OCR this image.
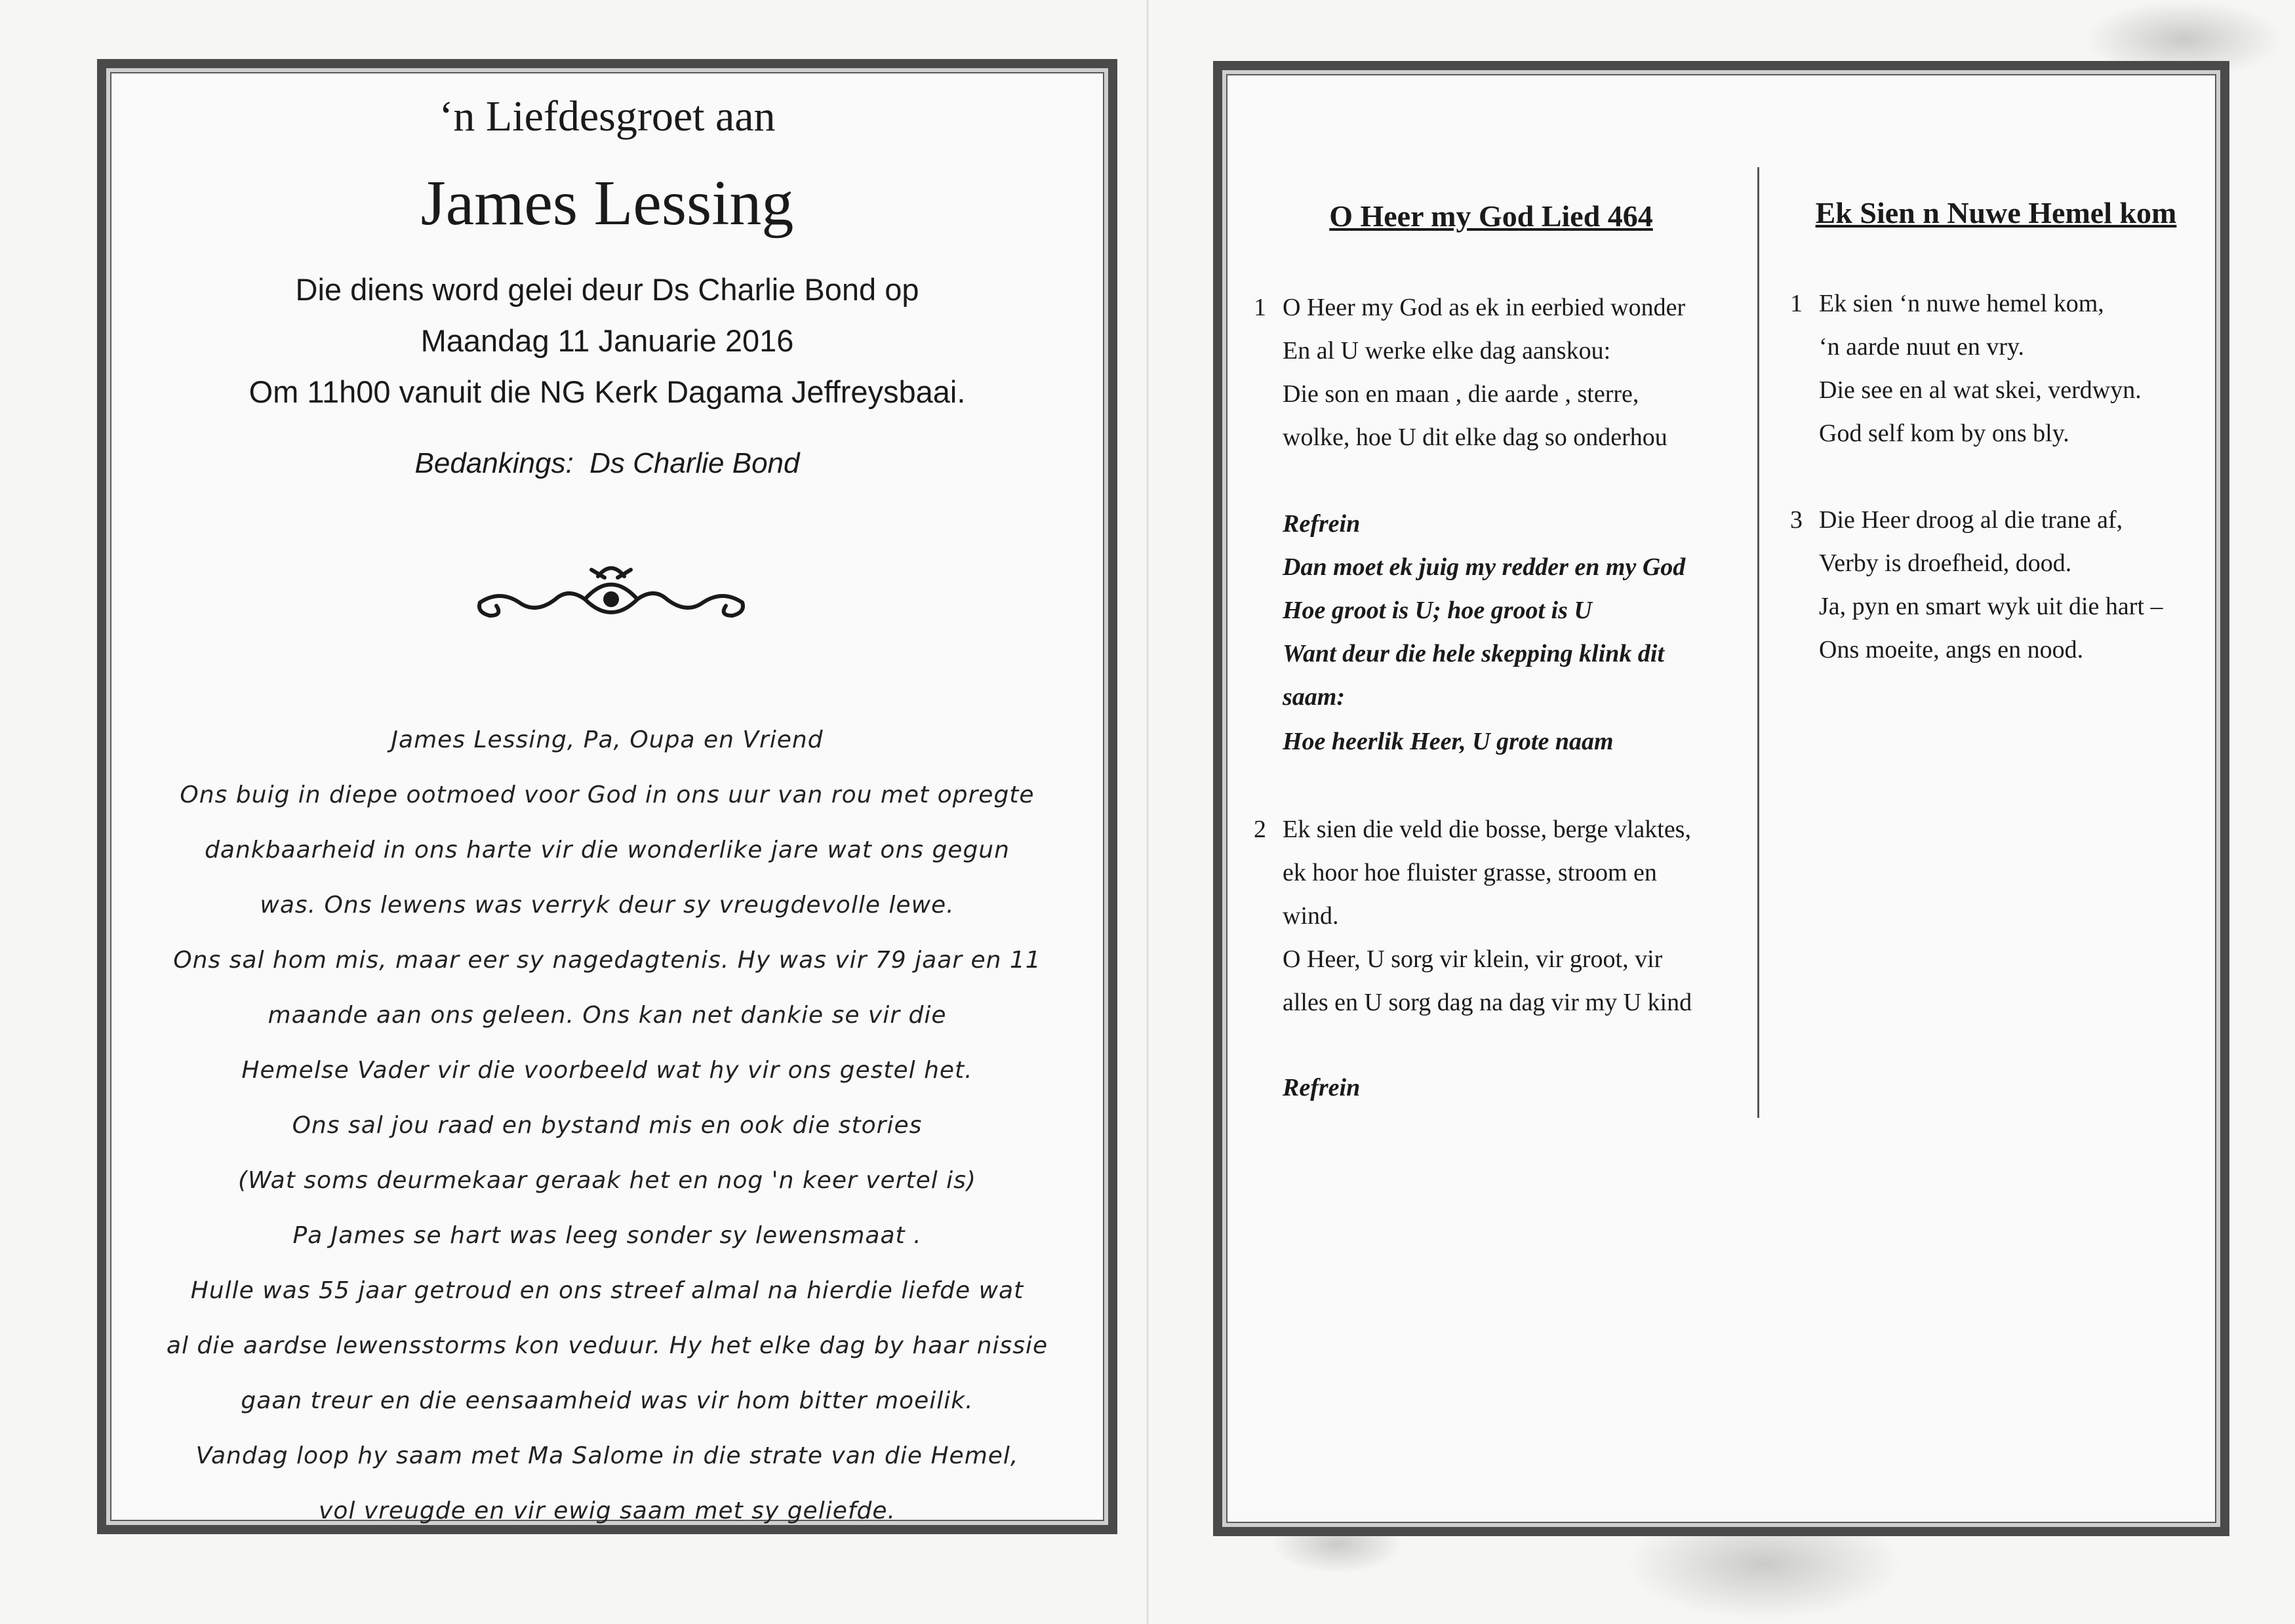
‘n Liefdesgroet aan
James Lessing
Die diens word gelei deur Ds Charlie Bond op
Maandag 11 Januarie 2016
Om 11h00 vanuit die NG Kerk Dagama Jeffreysbaai.
Bedankings: Ds Charlie Bond
James Lessing, Pa, Oupa en Vriend
Ons buig in diepe ootmoed voor God in ons uur van rou met opregte
dankbaarheid in ons harte vir die wonderlike jare wat ons gegun
was. Ons lewens was verryk deur sy vreugdevolle lewe.
Ons sal hom mis, maar eer sy nagedagtenis. Hy was vir 79 jaar en 11
maande aan ons geleen. Ons kan net dankie se vir die
Hemelse Vader vir die voorbeeld wat hy vir ons gestel het.
Ons sal jou raad en bystand mis en ook die stories
(Wat soms deurmekaar geraak het en nog 'n keer vertel is)
Pa James se hart was leeg sonder sy lewensmaat .
Hulle was 55 jaar getroud en ons streef almal na hierdie liefde wat
al die aardse lewensstorms kon veduur. Hy het elke dag by haar nissie
gaan treur en die eensaamheid was vir hom bitter moeilik.
Vandag loop hy saam met Ma Salome in die strate van die Hemel,
vol vreugde en vir ewig saam met sy geliefde.
O Heer my God Lied 464
1 O Heer my God as ek in eerbied wonder
En al U werke elke dag aanskou:
Die son en maan , die aarde , sterre,
wolke, hoe U dit elke dag so onderhou
Refrein
Dan moet ek juig my redder en my God
Hoe groot is U; hoe groot is U
Want deur die hele skepping klink dit
saam:
Hoe heerlik Heer, U grote naam
2 Ek sien die veld die bosse, berge vlaktes,
ek hoor hoe fluister grasse, stroom en
wind.
O Heer, U sorg vir klein, vir groot, vir
alles en U sorg dag na dag vir my U kind
Refrein
Ek Sien n Nuwe Hemel kom
1 Ek sien ‘n nuwe hemel kom,
‘n aarde nuut en vry.
Die see en al wat skei, verdwyn.
God self kom by ons bly.
3 Die Heer droog al die trane af,
Verby is droefheid, dood.
Ja, pyn en smart wyk uit die hart –
Ons moeite, angs en nood.
